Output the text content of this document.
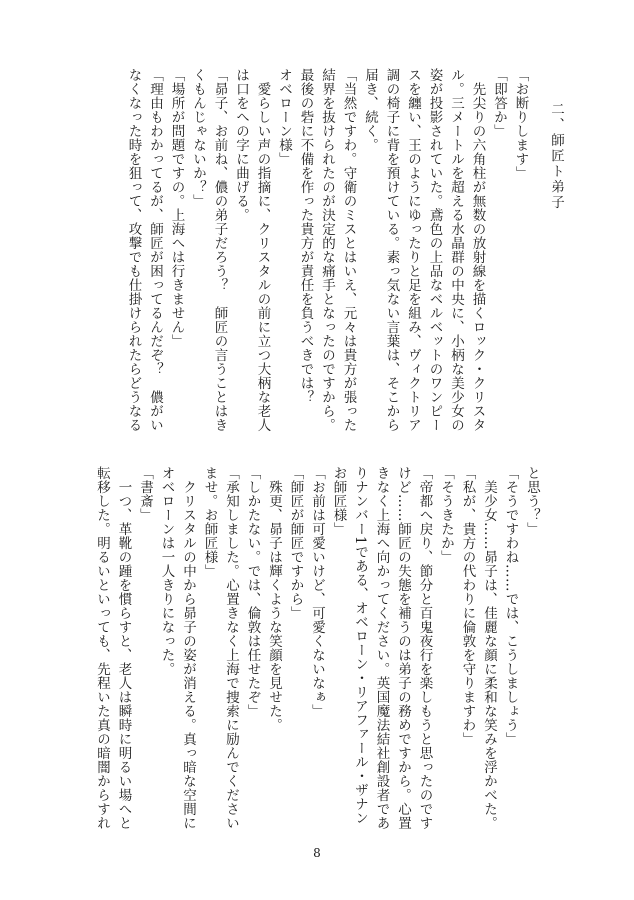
二、師匠ト弟子
「お断りします」
「即答か」
　先尖りの六角柱が無数の放射線を描くロック・クリスタ
ル。三メートルを超える水晶群の中央に、小柄な美少女の
姿が投影されていた。鳶色の上品なベルベットのワンピー
スを纏い、王のようにゆったりと足を組み、ヴィクトリア
調の椅子に背を預けている。素っ気ない言葉は、そこから
届き、続く。
「当然ですわ。守衛のミスとはいえ、元々は貴方が張った
結界を抜けられたのが決定的な痛手となったのですから。
最後の砦に不備を作った貴方が責任を負うべきでは？
オベローン様」
　愛らしい声の指摘に、クリスタルの前に立つ大柄な老人
は口をへの字に曲げる。
「昴子、お前ね、儂の弟子だろう？　師匠の言うことはき
くもんじゃないか？」
「場所が問題ですの。上海へは行きません」
「理由もわかってるが、師匠が困ってるんだぞ？　儂がい
なくなった時を狙って、攻撃でも仕掛けられたらどうなる
と思う？」
「そうですわね……では、こうしましょう」
　美少女……昴子は、佳麗な顔に柔和な笑みを浮かべた。
「私が、貴方の代わりに倫敦を守りますわ」
「そうきたか」
「帝都へ戻り、節分と百鬼夜行を楽しもうと思ったのです
けど……師匠の失態を補うのは弟子の務めですから。心置
きなく上海へ向かってください。英国魔法結社創設者であ
りナンバー1である、オベローン・リアファール・ザナン
お師匠様」
「お前は可愛いけど、可愛くないなぁ」
「師匠が師匠ですから」
　殊更、昴子は輝くような笑顔を見せた。
「しかたない。では、倫敦は任せたぞ」
「承知しました。心置きなく上海で捜索に励んでください
ませ。お師匠様」
　クリスタルの中から昴子の姿が消える。真っ暗な空間に
オベローンは一人きりになった。
「書斎」
　一つ、革靴の踵を慣らすと、老人は瞬時に明るい場へと
転移した。明るいといっても、先程いた真の暗闇からすれ
8
